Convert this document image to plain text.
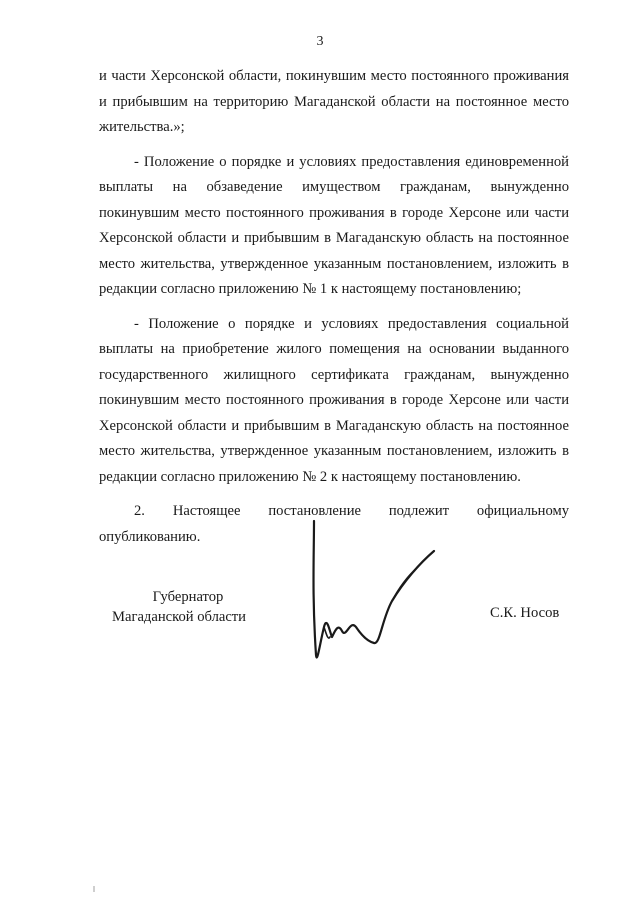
3

и части Херсонской области, покинувшим место постоянного проживания и прибывшим на территорию Магаданской области на постоянное место жительства.»;

- Положение о порядке и условиях предоставления единовременной выплаты на обзаведение имуществом гражданам, вынужденно покинувшим место постоянного проживания в городе Херсоне или части Херсонской области и прибывшим в Магаданскую область на постоянное место жительства, утвержденное указанным постановлением, изложить в редакции согласно приложению № 1 к настоящему постановлению;

- Положение о порядке и условиях предоставления социальной выплаты на приобретение жилого помещения на основании выданного государственного жилищного сертификата гражданам, вынужденно покинувшим место постоянного проживания в городе Херсоне или части Херсонской области и прибывшим в Магаданскую область на постоянное место жительства, утвержденное указанным постановлением, изложить в редакции согласно приложению № 2 к настоящему постановлению.

2. Настоящее постановление подлежит официальному опубликованию.

Губернатор
Магаданской области	С.К. Носов
